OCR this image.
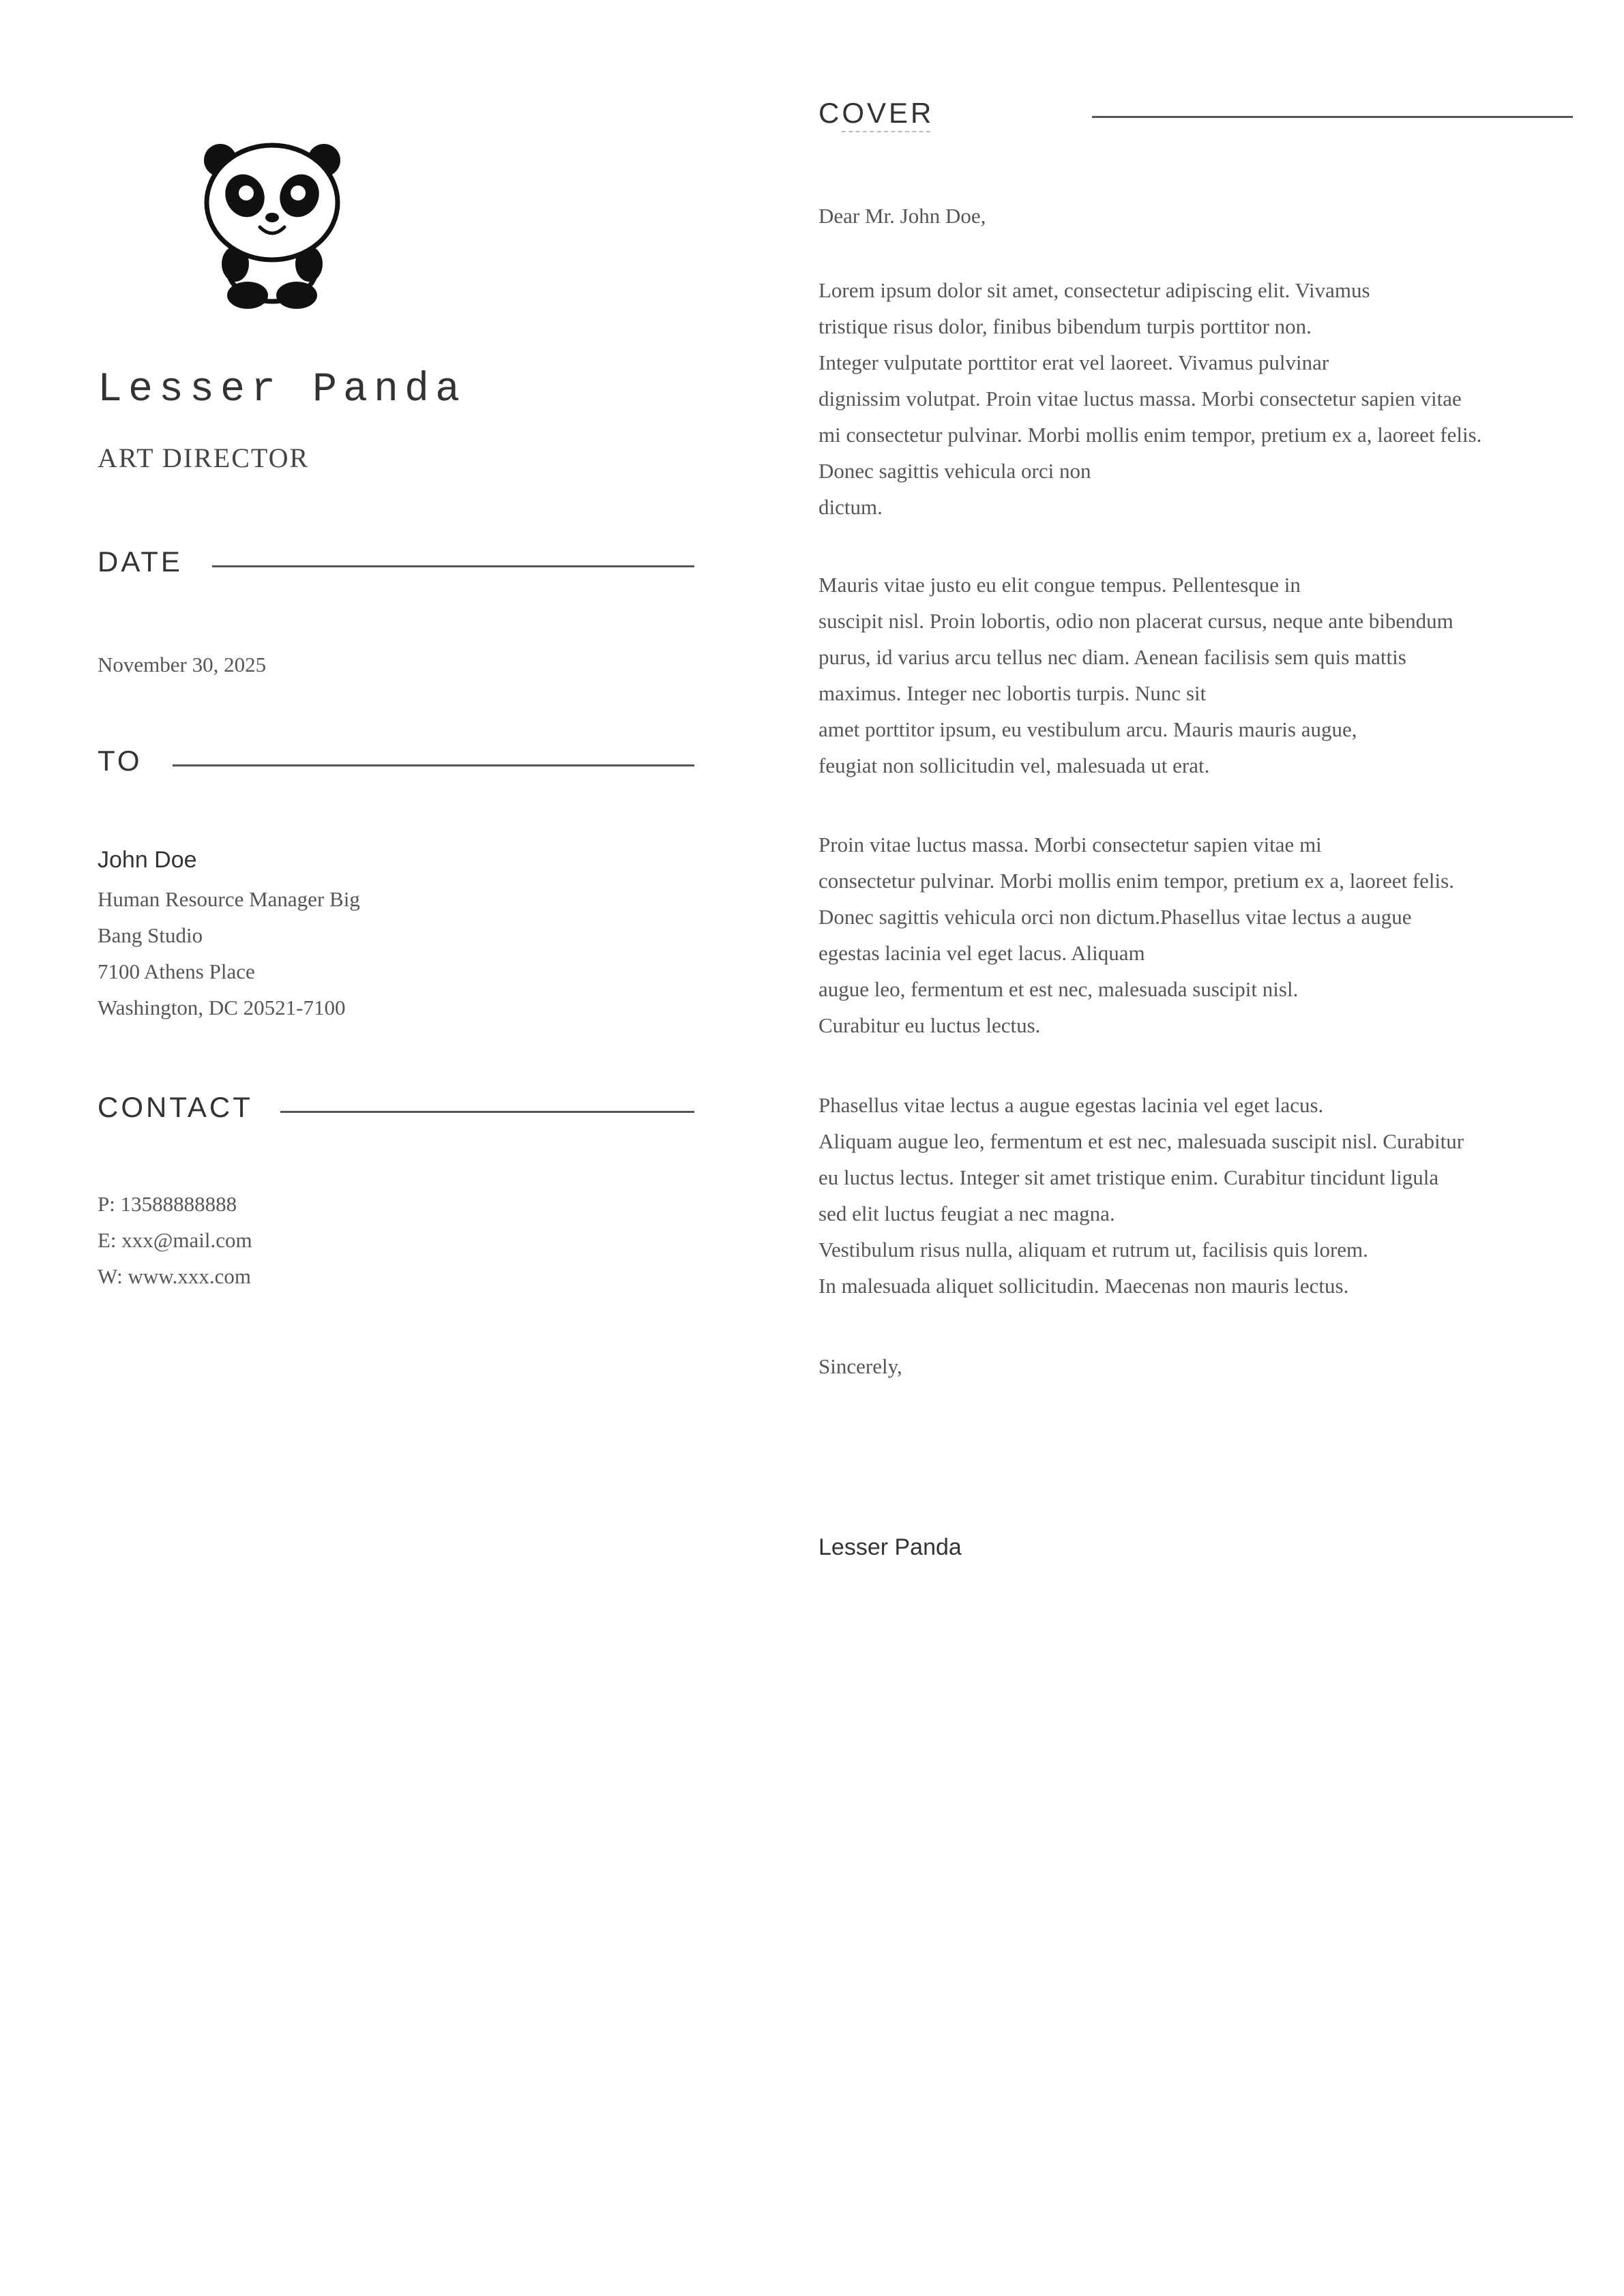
Lesser Panda
ART DIRECTOR
DATE
November 30, 2025
TO
John Doe
Human Resource Manager Big
Bang Studio
7100 Athens Place
Washington, DC 20521-7100
CONTACT
P: 13588888888
E: xxx@mail.com
W: www.xxx.com
COVER
Dear Mr. John Doe,
Lorem ipsum dolor sit amet, consectetur adipiscing elit. Vivamus
tristique risus dolor, finibus bibendum turpis porttitor non.
Integer vulputate porttitor erat vel laoreet. Vivamus pulvinar
dignissim volutpat. Proin vitae luctus massa. Morbi consectetur sapien vitae
mi consectetur pulvinar. Morbi mollis enim tempor, pretium ex a, laoreet felis.
Donec sagittis vehicula orci non
dictum.
Mauris vitae justo eu elit congue tempus. Pellentesque in
suscipit nisl. Proin lobortis, odio non placerat cursus, neque ante bibendum
purus, id varius arcu tellus nec diam. Aenean facilisis sem quis mattis
maximus. Integer nec lobortis turpis. Nunc sit
amet porttitor ipsum, eu vestibulum arcu. Mauris mauris augue,
feugiat non sollicitudin vel, malesuada ut erat.
Proin vitae luctus massa. Morbi consectetur sapien vitae mi
consectetur pulvinar. Morbi mollis enim tempor, pretium ex a, laoreet felis.
Donec sagittis vehicula orci non dictum.Phasellus vitae lectus a augue
egestas lacinia vel eget lacus. Aliquam
augue leo, fermentum et est nec, malesuada suscipit nisl.
Curabitur eu luctus lectus.
Phasellus vitae lectus a augue egestas lacinia vel eget lacus.
Aliquam augue leo, fermentum et est nec, malesuada suscipit nisl. Curabitur
eu luctus lectus. Integer sit amet tristique enim. Curabitur tincidunt ligula
sed elit luctus feugiat a nec magna.
Vestibulum risus nulla, aliquam et rutrum ut, facilisis quis lorem.
In malesuada aliquet sollicitudin. Maecenas non mauris lectus.
Sincerely,
Lesser Panda
